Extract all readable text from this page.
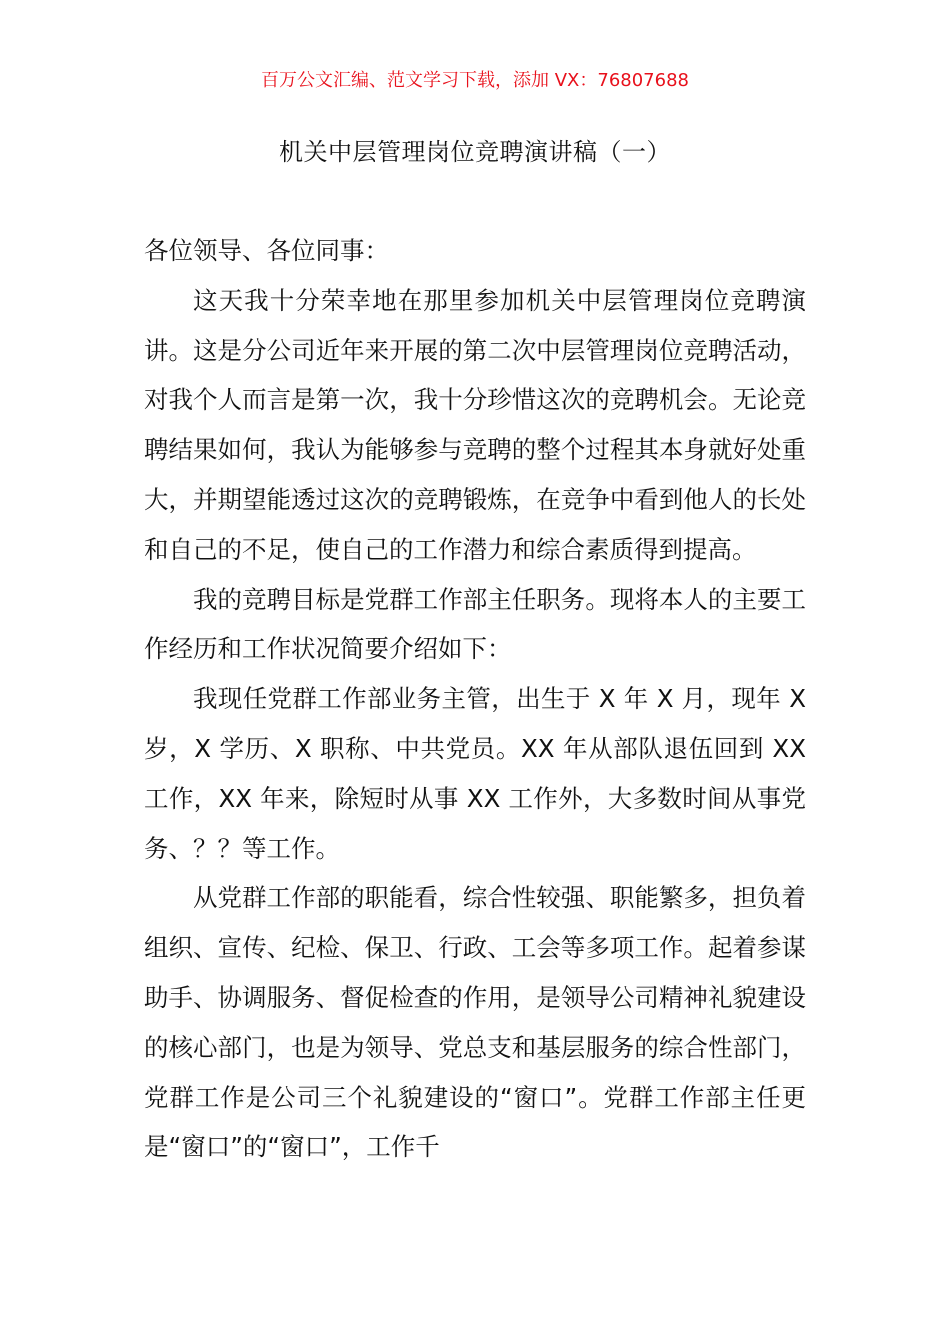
百万公文汇编、范文学习下载，添加 VX：76807688
机关中层管理岗位竞聘演讲稿（一）

各位领导、各位同事：

这天我十分荣幸地在那里参加机关中层管理岗位竞聘演讲。这是分公司近年来开展的第二次中层管理岗位竞聘活动，对我个人而言是第一次，我十分珍惜这次的竞聘机会。无论竞聘结果如何，我认为能够参与竞聘的整个过程其本身就好处重大，并期望能透过这次的竞聘锻炼，在竞争中看到他人的长处和自己的不足，使自己的工作潜力和综合素质得到提高。

我的竞聘目标是党群工作部主任职务。现将本人的主要工作经历和工作状况简要介绍如下：

我现任党群工作部业务主管，出生于 X 年 X 月，现年 X 岁，X 学历、X 职称、中共党员。XX 年从部队退伍回到 XX 工作，XX 年来，除短时从事 XX 工作外，大多数时间从事党务、？？等工作。

从党群工作部的职能看，综合性较强、职能繁多，担负着组织、宣传、纪检、保卫、行政、工会等多项工作。起着参谋助手、协调服务、督促检查的作用，是领导公司精神礼貌建设的核心部门，也是为领导、党总支和基层服务的综合性部门，党群工作是公司三个礼貌建设的“窗口”。党群工作部主任更是“窗口”的“窗口”，工作千
